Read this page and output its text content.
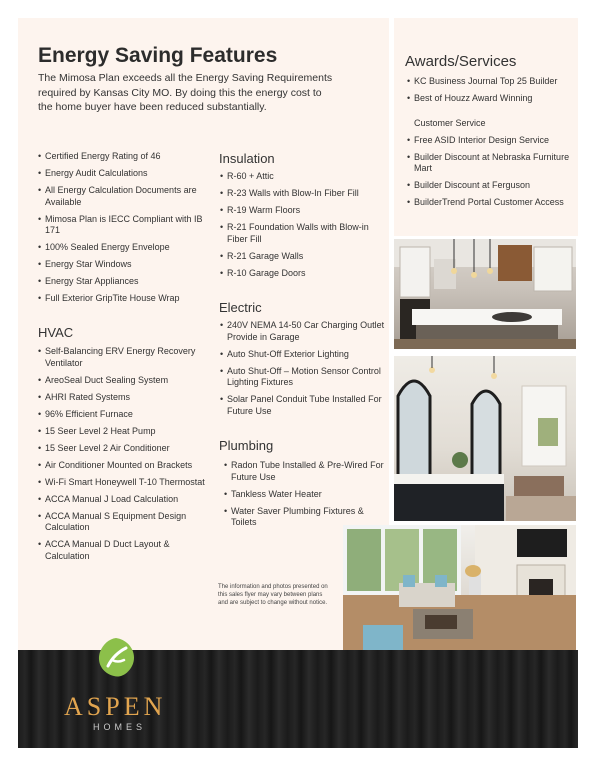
Energy Saving Features

The Mimosa Plan exceeds all the Energy Saving Requirements required by Kansas City MO. By doing this the energy cost to the home buyer have been reduced substantially.

• Certified Energy Rating of 46
• Energy Audit Calculations
• All Energy Calculation Documents are Available
• Mimosa Plan is IECC Compliant with IB 171
• 100% Sealed Energy Envelope
• Energy Star Windows
• Energy Star Appliances
• Full Exterior GripTite House Wrap
HVAC
• Self-Balancing ERV Energy Recovery Ventilator
• AreoSeal Duct Sealing System
• AHRI Rated Systems
• 96% Efficient Furnace
• 15 Seer Level 2 Heat Pump
• 15 Seer Level 2 Air Conditioner
• Air Conditioner Mounted on Brackets
• Wi-Fi Smart Honeywell T-10 Thermostat
• ACCA Manual J Load Calculation
• ACCA Manual S Equipment Design Calculation
• ACCA Manual D Duct Layout & Calculation
Insulation
• R-60 + Attic
• R-23 Walls with Blow-In Fiber Fill
• R-19 Warm Floors
• R-21 Foundation Walls with Blow-in Fiber Fill
• R-21 Garage Walls
• R-10 Garage Doors
Electric
• 240V NEMA 14-50 Car Charging Outlet Provide in Garage
• Auto Shut-Off Exterior Lighting
• Auto Shut-Off – Motion Sensor Control Lighting Fixtures
• Solar Panel Conduit Tube Installed For Future Use
Plumbing
• Radon Tube Installed & Pre-Wired For Future Use
• Tankless Water Heater
• Water Saver Plumbing Fixtures & Toilets
Awards/Services
• KC Business Journal Top 25 Builder
• Best of Houzz Award Winning
Customer Service
• Free ASID Interior Design Service
• Builder Discount at Nebraska Furniture Mart
• Builder Discount at Ferguson
• BuilderTrend Portal Customer Access

The information and photos presented on this sales flyer may vary between plans and are subject to change without notice.

ASPEN
HOMES
